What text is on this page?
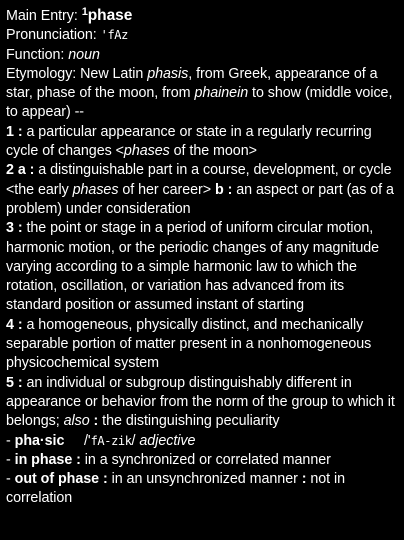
Main Entry: $^1$phase
Pronunciation: 'fAz
Function: noun
Etymology: New Latin phasis, from Greek, appearance of a star, phase of the moon, from phainein to show (middle voice, to appear) --
1 : a particular appearance or state in a regularly recurring cycle of changes <phases of the moon>
2 a : a distinguishable part in a course, development, or cycle <the early phases of her career> b : an aspect or part (as of a problem) under consideration
3 : the point or stage in a period of uniform circular motion, harmonic motion, or the periodic changes of any magnitude varying according to a simple harmonic law to which the rotation, oscillation, or variation has advanced from its standard position or assumed instant of starting
4 : a homogeneous, physically distinct, and mechanically separable portion of matter present in a nonhomogeneous physicochemical system
5 : an individual or subgroup distinguishably different in appearance or behavior from the norm of the group to which it belongs; also : the distinguishing peculiarity
- pha·sic /'fA-zik/ adjective
- in phase : in a synchronized or correlated manner
- out of phase : in an unsynchronized manner : not in correlation
